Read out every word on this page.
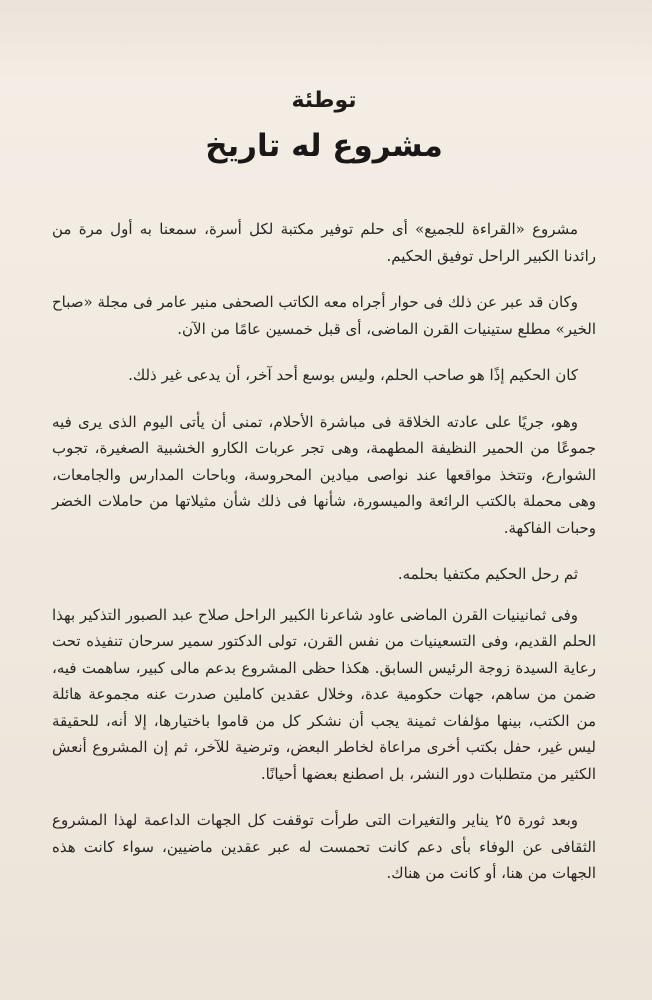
توطئة
مشروع له تاريخ

مشروع «القراءة للجميع» أى حلم توفير مكتبة لكل أسرة، سمعنا به أول مرة من رائدنا الكبير الراحل توفيق الحكيم.

وكان قد عبر عن ذلك فى حوار أجراه معه الكاتب الصحفى منير عامر فى مجلة «صباح الخير» مطلع ستينيات القرن الماضى، أى قبل خمسين عامًا من الآن.

كان الحكيم إذًا هو صاحب الحلم، وليس بوسع أحد آخر، أن يدعى غير ذلك.

وهو، جريًا على عادته الخلاقة فى مباشرة الأحلام، تمنى أن يأتى اليوم الذى يرى فيه جموعًا من الحمير النظيفة المطهمة، وهى تجر عربات الكارو الخشبية الصغيرة، تجوب الشوارع، وتتخذ مواقعها عند نواصى ميادين المحروسة، وباحات المدارس والجامعات، وهى محملة بالكتب الرائعة والميسورة، شأنها فى ذلك شأن مثيلاتها من حاملات الخضر وحبات الفاكهة.

ثم رحل الحكيم مكتفيا بحلمه.

وفى ثمانينيات القرن الماضى عاود شاعرنا الكبير الراحل صلاح عبد الصبور التذكير بهذا الحلم القديم، وفى التسعينيات من نفس القرن، تولى الدكتور سمير سرحان تنفيذه تحت رعاية السيدة زوجة الرئيس السابق. هكذا حظى المشروع بدعم مالى كبير، ساهمت فيه، ضمن من ساهم، جهات حكومية عدة، وخلال عقدين كاملين صدرت عنه مجموعة هائلة من الكتب، بينها مؤلفات ثمينة يجب أن نشكر كل من قاموا باختيارها، إلا أنه، للحقيقة ليس غير، حفل بكتب أخرى مراعاة لخاطر البعض، وترضية للآخر، ثم إن المشروع أنعش الكثير من متطلبات دور النشر، بل اصطنع بعضها أحيانًا.

وبعد ثورة ٢٥ يناير والتغيرات التى طرأت توقفت كل الجهات الداعمة لهذا المشروع الثقافى عن الوفاء بأى دعم كانت تحمست له عبر عقدين ماضيين، سواء كانت هذه الجهات من هنا، أو كانت من هناك.
